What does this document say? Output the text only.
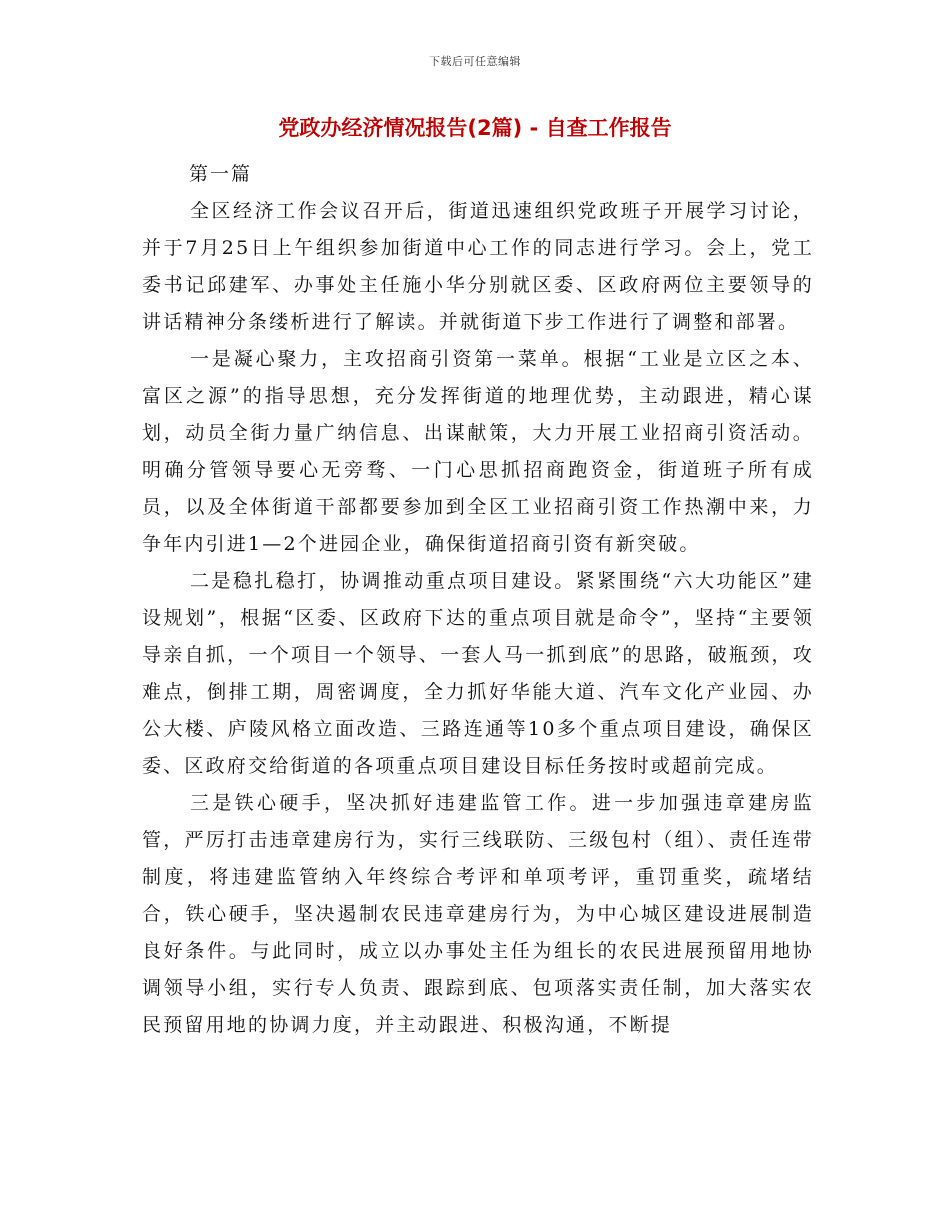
下载后可任意编辑
党政办经济情况报告(2篇) - 自查工作报告
第一篇

全区经济工作会议召开后，街道迅速组织党政班子开展学习讨论，并于7月25日上午组织参加街道中心工作的同志进行学习。会上，党工委书记邱建军、办事处主任施小华分别就区委、区政府两位主要领导的讲话精神分条缕析进行了解读。并就街道下步工作进行了调整和部署。

一是凝心聚力，主攻招商引资第一菜单。根据“工业是立区之本、富区之源”的指导思想，充分发挥街道的地理优势，主动跟进，精心谋划，动员全街力量广纳信息、出谋献策，大力开展工业招商引资活动。明确分管领导要心无旁骛、一门心思抓招商跑资金，街道班子所有成员，以及全体街道干部都要参加到全区工业招商引资工作热潮中来，力争年内引进1—2个进园企业，确保街道招商引资有新突破。

二是稳扎稳打，协调推动重点项目建设。紧紧围绕“六大功能区”建设规划”，根据“区委、区政府下达的重点项目就是命令”，坚持“主要领导亲自抓，一个项目一个领导、一套人马一抓到底”的思路，破瓶颈，攻难点，倒排工期，周密调度，全力抓好华能大道、汽车文化产业园、办公大楼、庐陵风格立面改造、三路连通等10多个重点项目建设，确保区委、区政府交给街道的各项重点项目建设目标任务按时或超前完成。

三是铁心硬手，坚决抓好违建监管工作。进一步加强违章建房监管，严厉打击违章建房行为，实行三线联防、三级包村（组）、责任连带制度，将违建监管纳入年终综合考评和单项考评，重罚重奖，疏堵结合，铁心硬手，坚决遏制农民违章建房行为，为中心城区建设进展制造良好条件。与此同时，成立以办事处主任为组长的农民进展预留用地协调领导小组，实行专人负责、跟踪到底、包项落实责任制，加大落实农民预留用地的协调力度，并主动跟进、积极沟通，不断提
